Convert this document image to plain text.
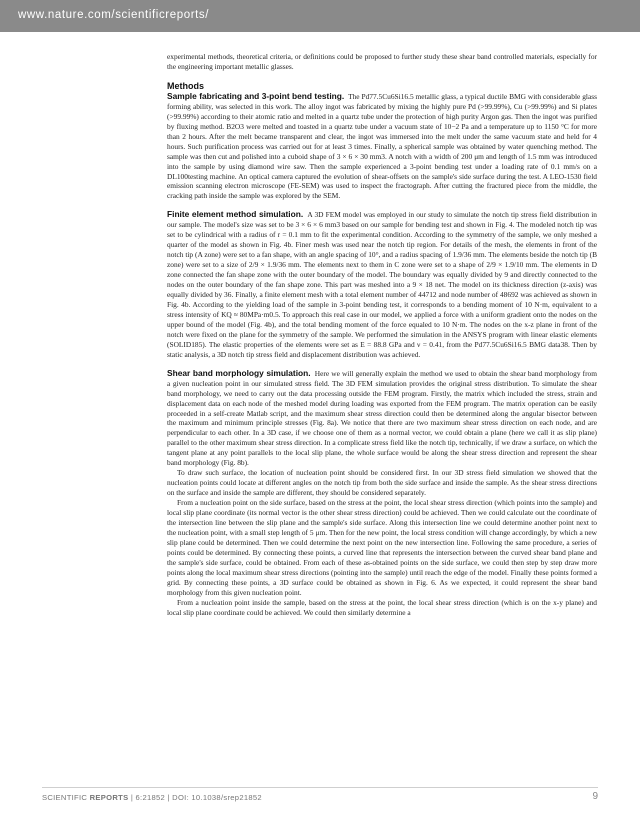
www.nature.com/scientificreports/

experimental methods, theoretical criteria, or definitions could be proposed to further study these shear band controlled materials, especially for the engineering important metallic glasses.

Methods

Sample fabricating and 3-point bend testing. The Pd77.5Cu6Si16.5 metallic glass, a typical ductile BMG with considerable glass forming ability, was selected in this work. The alloy ingot was fabricated by mixing the highly pure Pd (>99.99%), Cu (>99.99%) and Si plates (>99.99%) according to their atomic ratio and melted in a quartz tube under the protection of high purity Argon gas. Then the ingot was purified by fluxing method. B2O3 were melted and toasted in a quartz tube under a vacuum state of 10−2 Pa and a temperature up to 1150 °C for more than 2 hours. After the melt became transparent and clear, the ingot was immersed into the melt under the same vacuum state and held for 4 hours. Such purification process was carried out for at least 3 times. Finally, a spherical sample was obtained by water quenching method. The sample was then cut and polished into a cuboid shape of 3 × 6 × 30 mm3. A notch with a width of 200 μm and length of 1.5 mm was introduced into the sample by using diamond wire saw. Then the sample experienced a 3-point bending test under a loading rate of 0.1 mm/s on a DL100testing machine. An optical camera captured the evolution of shear-offsets on the sample's side surface during the test. A LEO-1530 field emission scanning electron microscope (FE-SEM) was used to inspect the fractograph. After cutting the fractured piece from the middle, the cracking path inside the sample was explored by the SEM.

Finite element method simulation. A 3D FEM model was employed in our study to simulate the notch tip stress field distribution in our sample. The model's size was set to be 3 × 6 × 6 mm3 based on our sample for bending test and shown in Fig. 4. The modeled notch tip was set to be cylindrical with a radius of r = 0.1 mm to fit the experimental condition. According to the symmetry of the sample, we only meshed a quarter of the model as shown in Fig. 4b. Finer mesh was used near the notch tip region. For details of the mesh, the elements in front of the notch tip (A zone) were set to a fan shape, with an angle spacing of 10°, and a radius spacing of 1.9/36 mm. The elements beside the notch tip (B zone) were set to a size of 2/9 × 1.9/36 mm. The elements next to them in C zone were set to a shape of 2/9 × 1.9/10 mm. The elements in D zone connected the fan shape zone with the outer boundary of the model. The boundary was equally divided by 9 and directly connected to the nodes on the outer boundary of the fan shape zone. This part was meshed into a 9 × 18 net. The model on its thickness direction (z-axis) was equally divided by 36. Finally, a finite element mesh with a total element number of 44712 and node number of 48692 was achieved as shown in Fig. 4b. According to the yielding load of the sample in 3-point bending test, it corresponds to a bending moment of 10 N·m, equivalent to a stress intensity of KQ ≈ 80MPa·m0.5. To approach this real case in our model, we applied a force with a uniform gradient onto the nodes on the upper bound of the model (Fig. 4b), and the total bending moment of the force equaled to 10 N·m. The nodes on the x-z plane in front of the notch were fixed on the plane for the symmetry of the sample. We performed the simulation in the ANSYS program with linear elastic elements (SOLID185). The elastic properties of the elements were set as E = 88.8 GPa and ν = 0.41, from the Pd77.5Cu6Si16.5 BMG data38. Then by static analysis, a 3D notch tip stress field and displacement distribution was achieved.

Shear band morphology simulation. Here we will generally explain the method we used to obtain the shear band morphology from a given nucleation point in our simulated stress field. The 3D FEM simulation provides the original stress distribution. To simulate the shear band morphology, we need to carry out the data processing outside the FEM program. Firstly, the matrix which included the stress, strain and displacement data on each node of the meshed model during loading was exported from the FEM program. The matrix operation can be easily proceeded in a self-create Matlab script, and the maximum shear stress direction could then be determined along the angular bisector between the maximum and minimum principle stresses (Fig. 8a). We notice that there are two maximum shear stress direction on each node, and are perpendicular to each other. In a 3D case, if we choose one of them as a normal vector, we could obtain a plane (here we call it as slip plane) parallel to the other maximum shear stress direction. In a complicate stress field like the notch tip, technically, if we draw a surface, on which the tangent plane at any point parallels to the local slip plane, the whole surface would be along the shear stress direction and represent the shear band morphology (Fig. 8b).

To draw such surface, the location of nucleation point should be considered first. In our 3D stress field simulation we showed that the nucleation points could locate at different angles on the notch tip from both the side surface and inside the sample. As the shear stress directions on the surface and inside the sample are different, they should be considered separately.

From a nucleation point on the side surface, based on the stress at the point, the local shear stress direction (which points into the sample) and local slip plane coordinate (its normal vector is the other shear stress direction) could be achieved. Then we could calculate out the coordinate of the intersection line between the slip plane and the sample's side surface. Along this intersection line we could determine another point next to the nucleation point, with a small step length of 5 μm. Then for the new point, the local stress condition will change accordingly, by which a new slip plane could be determined. Then we could determine the next point on the new intersection line. Following the same procedure, a series of points could be determined. By connecting these points, a curved line that represents the intersection between the curved shear band plane and the sample's side surface, could be obtained. From each of these as-obtained points on the side surface, we could then step by step draw more points along the local maximum shear stress directions (pointing into the sample) until reach the edge of the model. Finally these points formed a grid. By connecting these points, a 3D surface could be obtained as shown in Fig. 6. As we expected, it could represent the shear band morphology from this given nucleation point.

From a nucleation point inside the sample, based on the stress at the point, the local shear stress direction (which is on the x-y plane) and local slip plane coordinate could be achieved. We could then similarly determine a

SCIENTIFIC REPORTS | 6:21852 | DOI: 10.1038/srep21852	9
